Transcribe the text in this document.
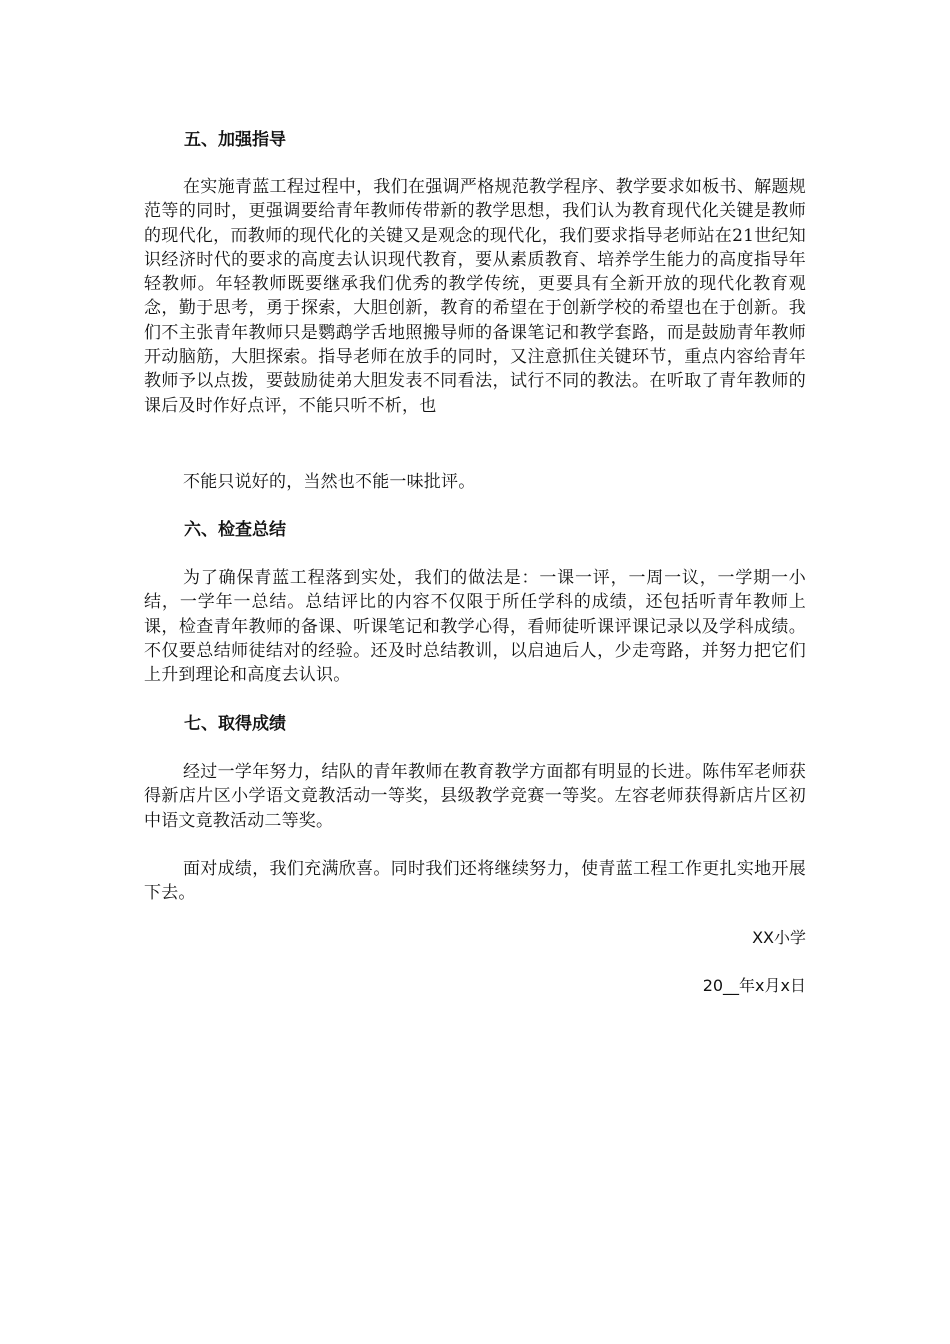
五、加强指导
在实施青蓝工程过程中，我们在强调严格规范教学程序、教学要求如板书、解题规范等的同时，更强调要给青年教师传带新的教学思想，我们认为教育现代化关键是教师的现代化，而教师的现代化的关键又是观念的现代化，我们要求指导老师站在21世纪知识经济时代的要求的高度去认识现代教育，要从素质教育、培养学生能力的高度指导年轻教师。年轻教师既要继承我们优秀的教学传统，更要具有全新开放的现代化教育观念，勤于思考，勇于探索，大胆创新，教育的希望在于创新学校的希望也在于创新。我们不主张青年教师只是鹦鹉学舌地照搬导师的备课笔记和教学套路，而是鼓励青年教师开动脑筋，大胆探索。指导老师在放手的同时，又注意抓住关键环节，重点内容给青年教师予以点拨，要鼓励徒弟大胆发表不同看法，试行不同的教法。在听取了青年教师的课后及时作好点评，不能只听不析，也
不能只说好的，当然也不能一味批评。
六、检查总结
为了确保青蓝工程落到实处，我们的做法是：一课一评，一周一议，一学期一小结，一学年一总结。总结评比的内容不仅限于所任学科的成绩，还包括听青年教师上课，检查青年教师的备课、听课笔记和教学心得，看师徒听课评课记录以及学科成绩。不仅要总结师徒结对的经验。还及时总结教训，以启迪后人，少走弯路，并努力把它们上升到理论和高度去认识。
七、取得成绩
经过一学年努力，结队的青年教师在教育教学方面都有明显的长进。陈伟军老师获得新店片区小学语文竟教活动一等奖，县级教学竞赛一等奖。左容老师获得新店片区初中语文竟教活动二等奖。
面对成绩，我们充满欣喜。同时我们还将继续努力，使青蓝工程工作更扎实地开展下去。
XX小学
20__年x月x日
